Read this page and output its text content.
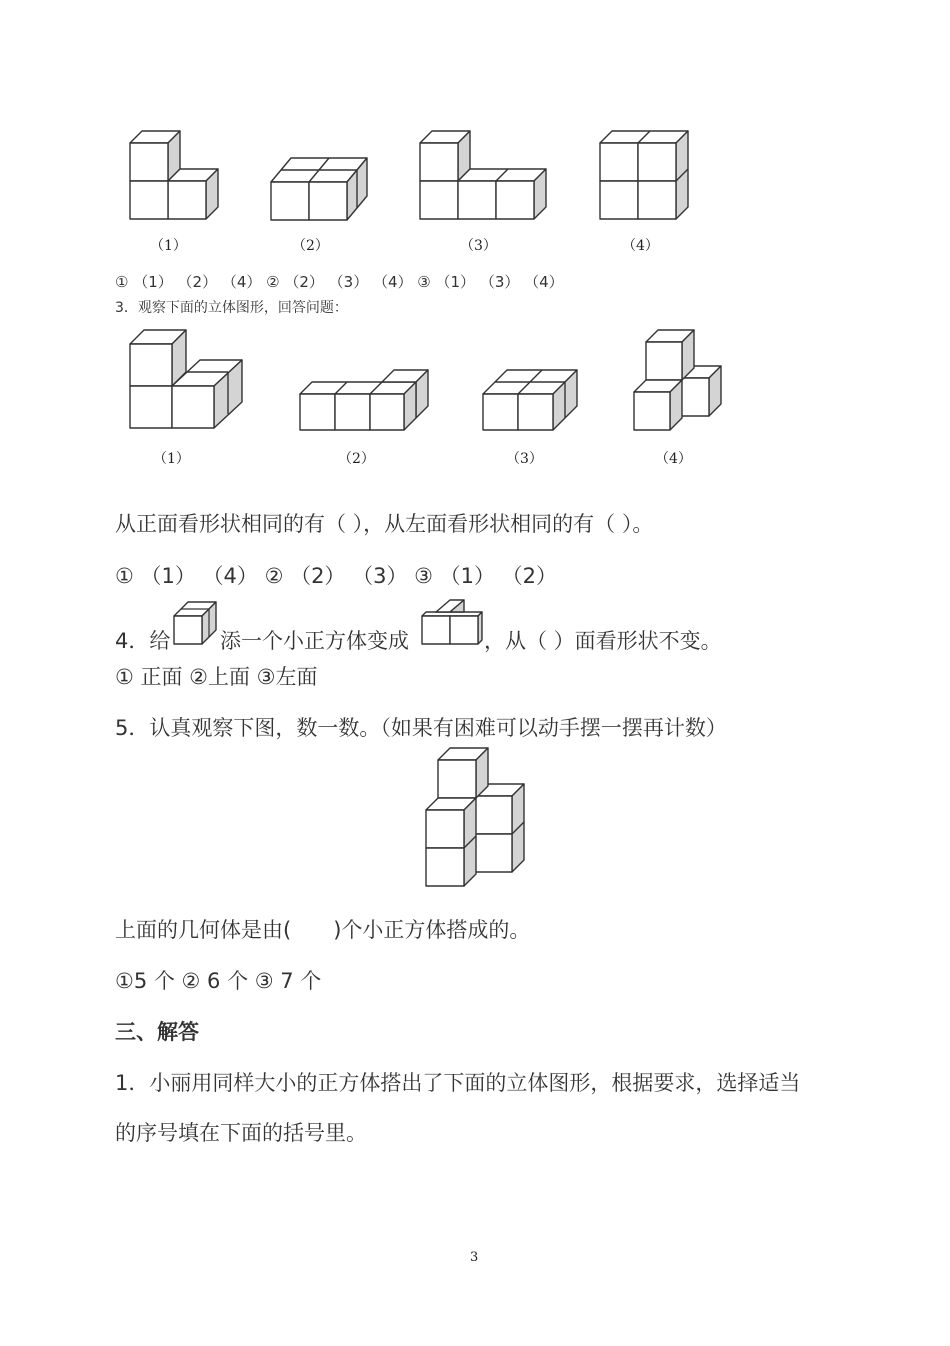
（1）	（2）	（3）	（4）
① （1） （2） （4） ② （2） （3） （4） ③ （1） （3） （4）
3．观察下面的立体图形，回答问题：
（1）	（2）	（3）	（4）
从正面看形状相同的有（ ），从左面看形状相同的有（ ）。
① （1） （4） ② （2） （3） ③ （1） （2）
4．给 添一个小正方体变成	，从（ ）面看形状不变。
① 正面 ②上面 ③左面
5．认真观察下图，数一数。（如果有困难可以动手摆一摆再计数）
上面的几何体是由(　　)个小正方体搭成的。
①5 个 ② 6 个 ③ 7 个
三、解答
1．小丽用同样大小的正方体搭出了下面的立体图形，根据要求，选择适当
的序号填在下面的括号里。
3
